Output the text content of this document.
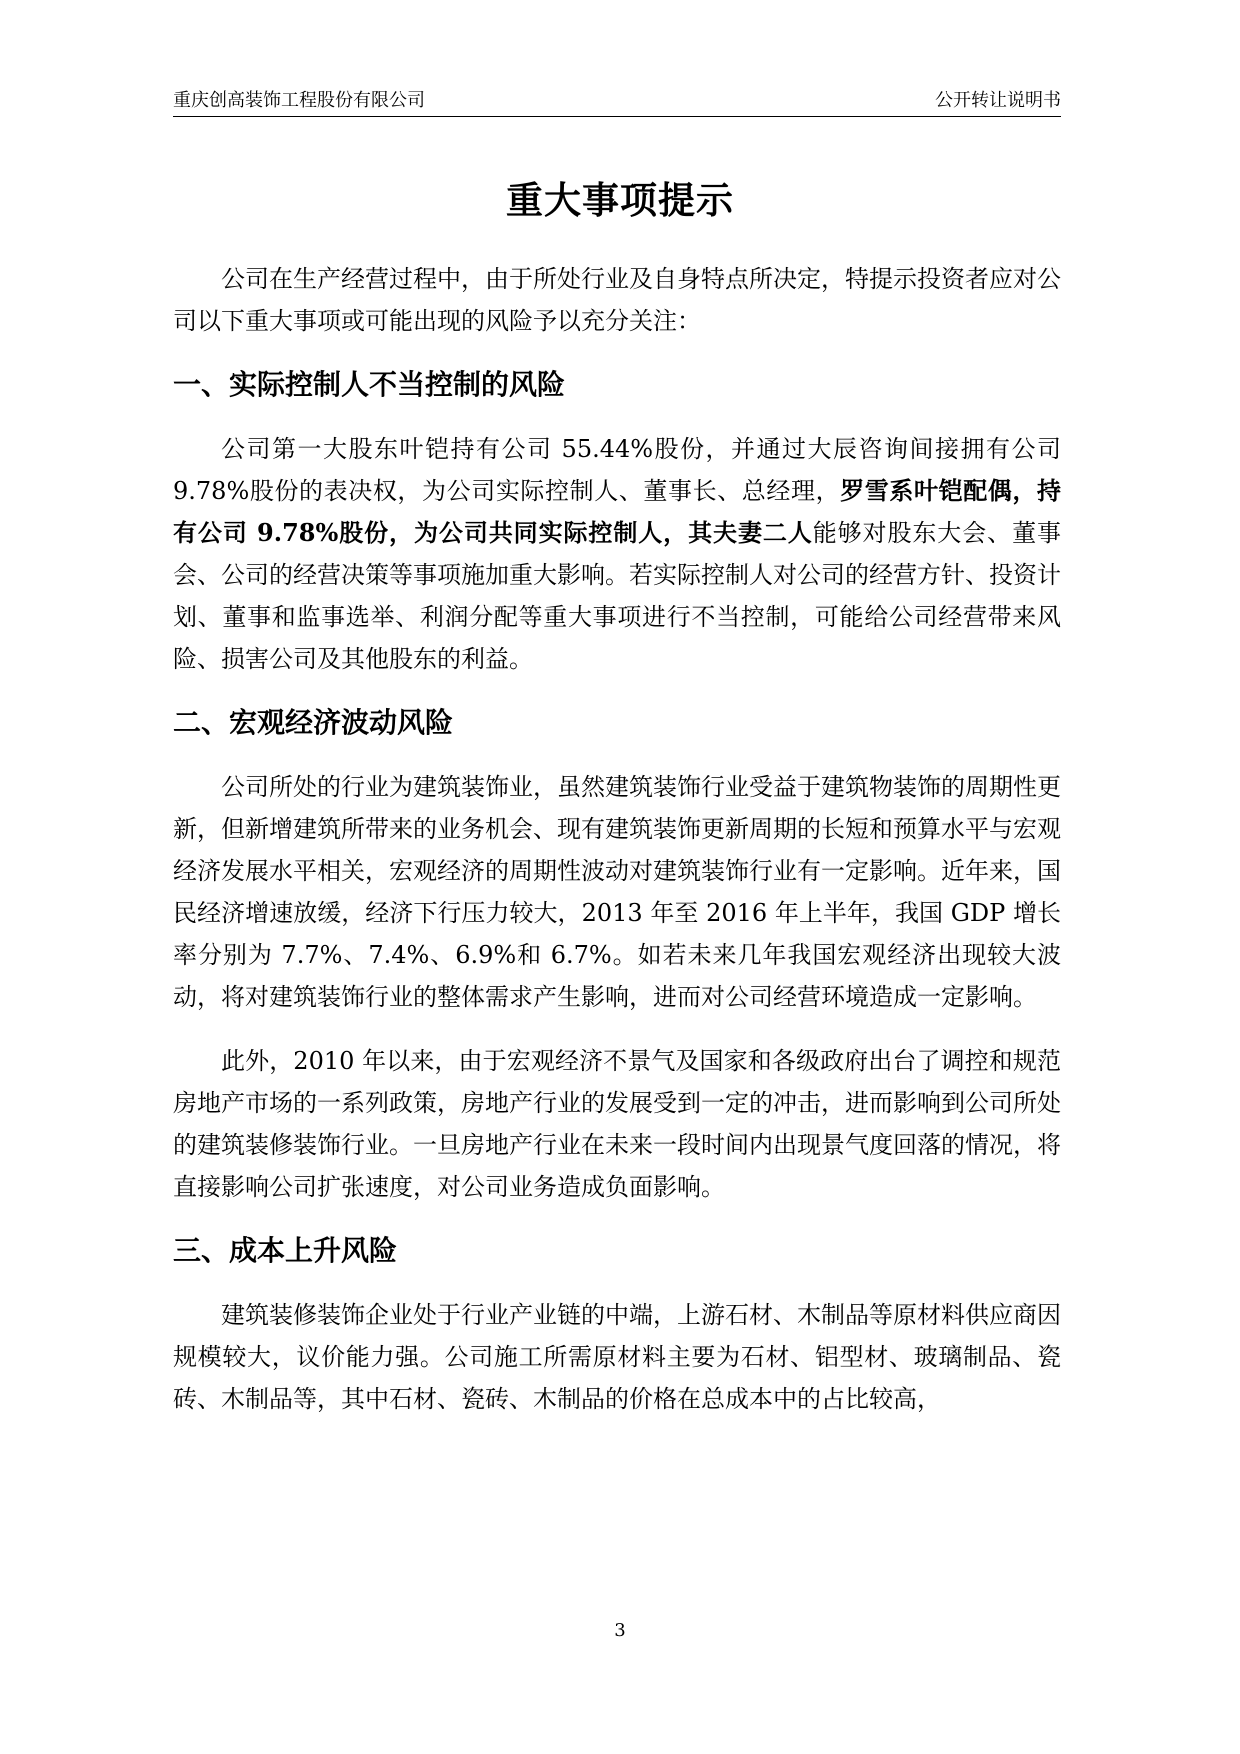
重庆创高装饰工程股份有限公司	公开转让说明书
重大事项提示

公司在生产经营过程中，由于所处行业及自身特点所决定，特提示投资者应对公司以下重大事项或可能出现的风险予以充分关注：

一、实际控制人不当控制的风险

公司第一大股东叶铠持有公司 55.44%股份，并通过大辰咨询间接拥有公司9.78%股份的表决权，为公司实际控制人、董事长、总经理，罗雪系叶铠配偶，持有公司 9.78%股份，为公司共同实际控制人，其夫妻二人能够对股东大会、董事会、公司的经营决策等事项施加重大影响。若实际控制人对公司的经营方针、投资计划、董事和监事选举、利润分配等重大事项进行不当控制，可能给公司经营带来风险、损害公司及其他股东的利益。

二、宏观经济波动风险

公司所处的行业为建筑装饰业，虽然建筑装饰行业受益于建筑物装饰的周期性更新，但新增建筑所带来的业务机会、现有建筑装饰更新周期的长短和预算水平与宏观经济发展水平相关，宏观经济的周期性波动对建筑装饰行业有一定影响。近年来，国民经济增速放缓，经济下行压力较大，2013 年至 2016 年上半年，我国 GDP 增长率分别为 7.7%、7.4%、6.9%和 6.7%。如若未来几年我国宏观经济出现较大波动，将对建筑装饰行业的整体需求产生影响，进而对公司经营环境造成一定影响。

此外，2010 年以来，由于宏观经济不景气及国家和各级政府出台了调控和规范房地产市场的一系列政策，房地产行业的发展受到一定的冲击，进而影响到公司所处的建筑装修装饰行业。一旦房地产行业在未来一段时间内出现景气度回落的情况，将直接影响公司扩张速度，对公司业务造成负面影响。

三、成本上升风险

建筑装修装饰企业处于行业产业链的中端，上游石材、木制品等原材料供应商因规模较大，议价能力强。公司施工所需原材料主要为石材、铝型材、玻璃制品、瓷砖、木制品等，其中石材、瓷砖、木制品的价格在总成本中的占比较高，

3
